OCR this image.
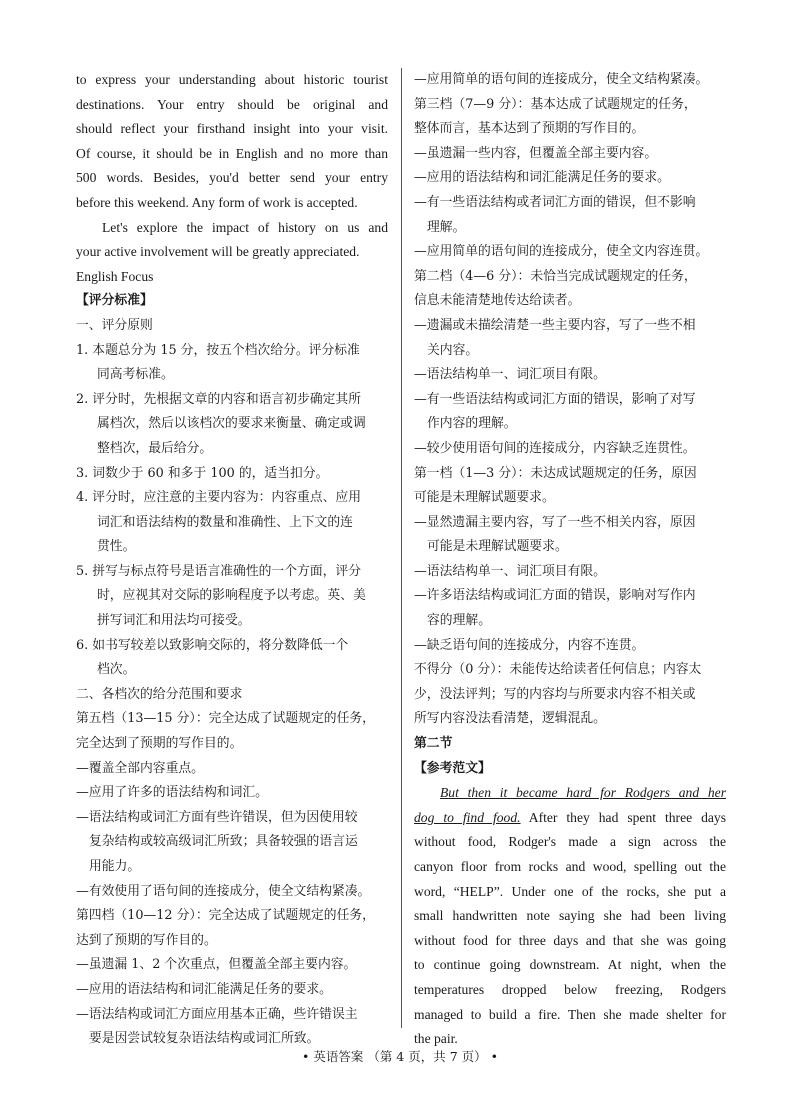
to express your understanding about historic tourist
destinations. Your entry should be original and
should reflect your firsthand insight into your visit.
Of course, it should be in English and no more than
500 words. Besides, you'd better send your entry
before this weekend. Any form of work is accepted.
Let's explore the impact of history on us and
your active involvement will be greatly appreciated.
English Focus
【评分标准】
一、评分原则
1. 本题总分为 15 分，按五个档次给分。评分标准
同高考标准。
2. 评分时，先根据文章的内容和语言初步确定其所
属档次，然后以该档次的要求来衡量、确定或调
整档次，最后给分。
3. 词数少于 60 和多于 100 的，适当扣分。
4. 评分时，应注意的主要内容为：内容重点、应用
词汇和语法结构的数量和准确性、上下文的连
贯性。
5. 拼写与标点符号是语言准确性的一个方面，评分
时，应视其对交际的影响程度予以考虑。英、美
拼写词汇和用法均可接受。
6. 如书写较差以致影响交际的，将分数降低一个
档次。
二、各档次的给分范围和要求
第五档（13—15 分）：完全达成了试题规定的任务，
完全达到了预期的写作目的。
—覆盖全部内容重点。
—应用了许多的语法结构和词汇。
—语法结构或词汇方面有些许错误，但为因使用较
复杂结构或较高级词汇所致；具备较强的语言运
用能力。
—有效使用了语句间的连接成分，使全文结构紧凑。
第四档（10—12 分）：完全达成了试题规定的任务，
达到了预期的写作目的。
—虽遗漏 1、2 个次重点，但覆盖全部主要内容。
—应用的语法结构和词汇能满足任务的要求。
—语法结构或词汇方面应用基本正确，些许错误主
要是因尝试较复杂语法结构或词汇所致。
—应用简单的语句间的连接成分，使全文结构紧凑。
第三档（7—9 分）：基本达成了试题规定的任务，
整体而言，基本达到了预期的写作目的。
—虽遗漏一些内容，但覆盖全部主要内容。
—应用的语法结构和词汇能满足任务的要求。
—有一些语法结构或者词汇方面的错误，但不影响
理解。
—应用简单的语句间的连接成分，使全文内容连贯。
第二档（4—6 分）：未恰当完成试题规定的任务，
信息未能清楚地传达给读者。
—遗漏或未描绘清楚一些主要内容，写了一些不相
关内容。
—语法结构单一、词汇项目有限。
—有一些语法结构或词汇方面的错误，影响了对写
作内容的理解。
—较少使用语句间的连接成分，内容缺乏连贯性。
第一档（1—3 分）：未达成试题规定的任务，原因
可能是未理解试题要求。
—显然遗漏主要内容，写了一些不相关内容，原因
可能是未理解试题要求。
—语法结构单一、词汇项目有限。
—许多语法结构或词汇方面的错误，影响对写作内
容的理解。
—缺乏语句间的连接成分，内容不连贯。
不得分（0 分）：未能传达给读者任何信息；内容太
少，没法评判；写的内容均与所要求内容不相关或
所写内容没法看清楚，逻辑混乱。
第二节
【参考范文】
But then it became hard for Rodgers and her
dog to find food. After they had spent three days
without food, Rodger's made a sign across the
canyon floor from rocks and wood, spelling out the
word, “HELP”. Under one of the rocks, she put a
small handwritten note saying she had been living
without food for three days and that she was going
to continue going downstream. At night, when the
temperatures dropped below freezing, Rodgers
managed to build a fire. Then she made shelter for
the pair.
• 英语答案 （第 4 页，共 7 页） •
